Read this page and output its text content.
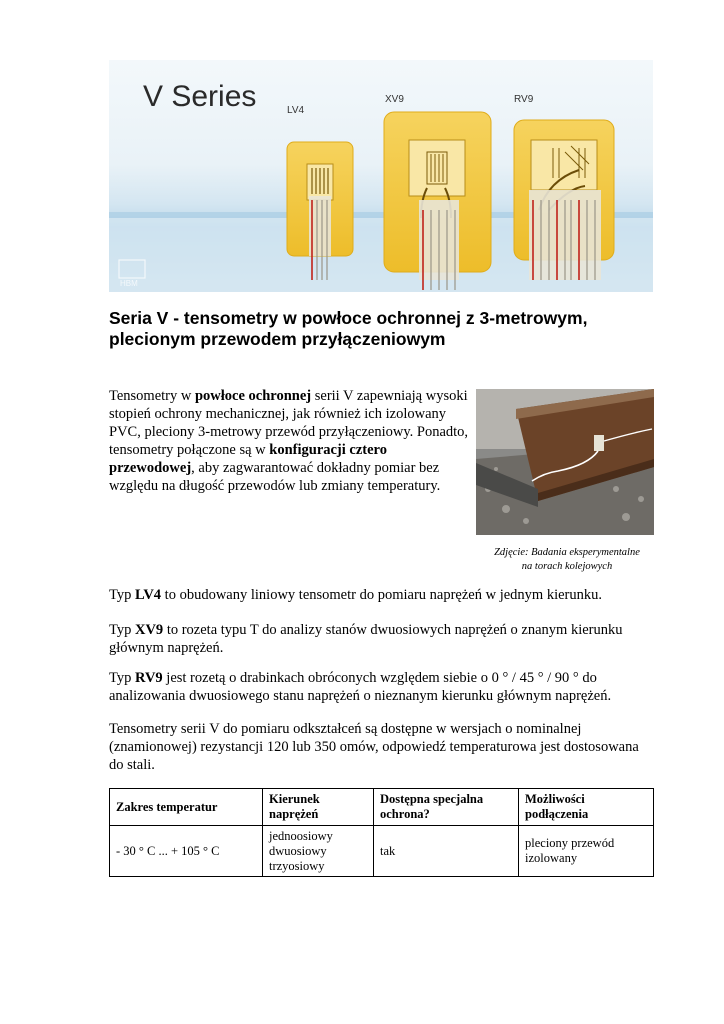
V Series	LV4
XV9	RV9
HBM
Seria V - tensometry w powłoce ochronnej z 3-metrowym, plecionym przewodem przyłączeniowym

Tensometry w powłoce ochronnej serii V zapewniają wysoki stopień ochrony mechanicznej, jak również ich izolowany PVC, pleciony 3-metrowy przewód przyłączeniowy. Ponadto, tensometry połączone są w konfiguracji cztero przewodowej, aby zagwarantować dokładny pomiar bez względu na długość przewodów lub zmiany temperatury.

Zdjęcie: Badania eksperymentalne
na torach kolejowych

Typ LV4 to obudowany liniowy tensometr do pomiaru naprężeń w jednym kierunku.

Typ XV9 to rozeta typu T do analizy stanów dwuosiowych naprężeń o znanym kierunku głównym naprężeń.

Typ RV9 jest rozetą o drabinkach obróconych względem siebie o 0 ° / 45 ° / 90 ° do analizowania dwuosiowego stanu naprężeń o nieznanym kierunku głównym naprężeń.

Tensometry serii V do pomiaru odkształceń są dostępne w wersjach o nominalnej (znamionowej) rezystancji 120 lub 350 omów, odpowiedź temperaturowa jest dostosowana do stali.

Zakres temperatur	Kierunek naprężeń	Dostępna specjalna ochrona?	Możliwości podłączenia
- 30 ° C ... + 105 ° C	jednoosiowy
dwuosiowy
trzyosiowy	tak	pleciony przewód izolowany
